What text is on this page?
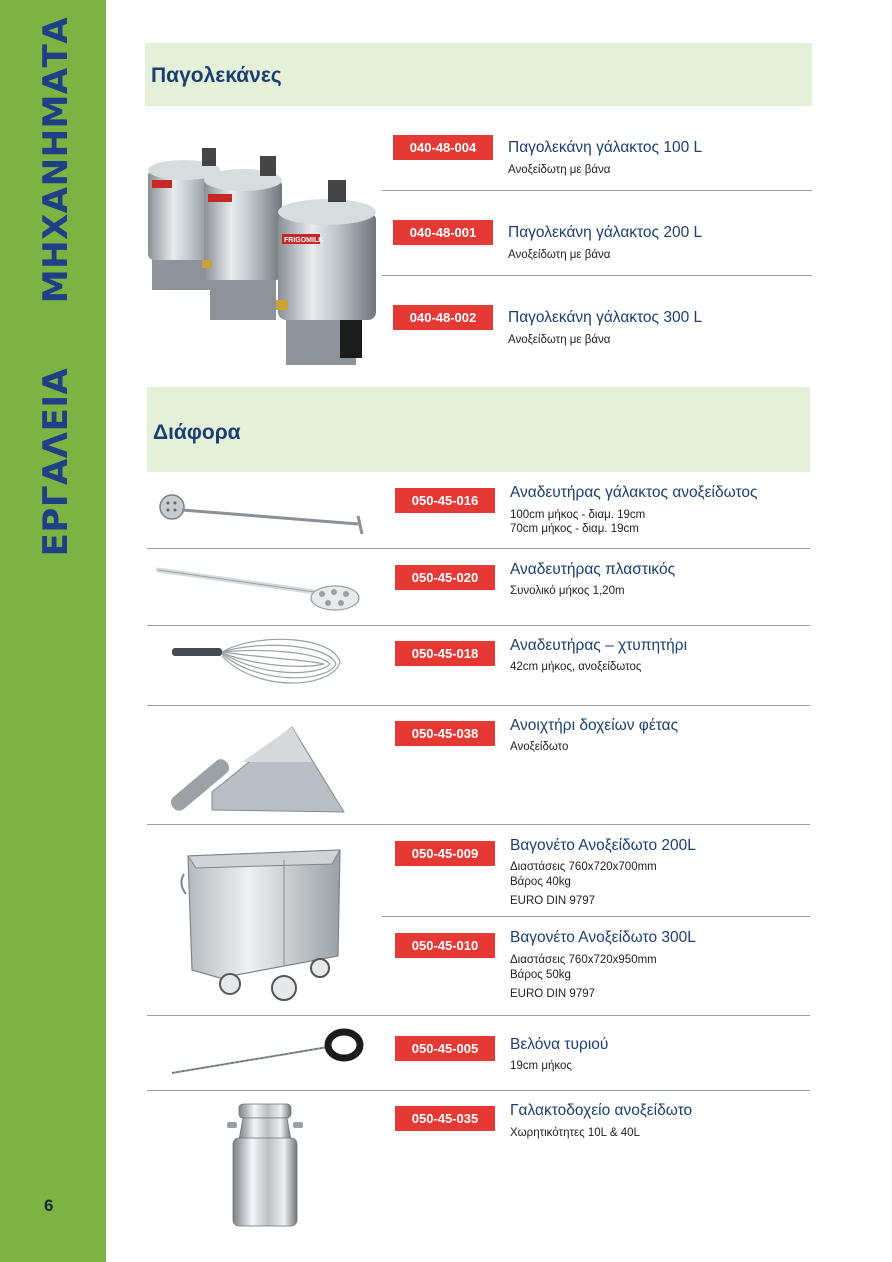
ΜΗΧΑΝΗΜΑΤΑ
ΕΡΓΑΛΕΙΑ
6
Παγολεκάνες
FRIGOMILK
040-48-004	Παγολεκάνη γάλακτος 100 L
Ανοξείδωτη με βάνα
040-48-001	Παγολεκάνη γάλακτος 200 L
Ανοξείδωτη με βάνα
040-48-002	Παγολεκάνη γάλακτος 300 L
Ανοξείδωτη με βάνα
Διάφορα
050-45-016	Αναδευτήρας γάλακτος ανοξείδωτος
100cm μήκος - διαμ. 19cm
70cm μήκος - διαμ. 19cm
050-45-020	Αναδευτήρας πλαστικός
Συνολικό μήκος 1,20m
050-45-018	Αναδευτήρας – χτυπητήρι
42cm μήκος, ανοξείδωτος
050-45-038	Ανοιχτήρι δοχείων φέτας
Ανοξείδωτο
050-45-009	Βαγονέτο Ανοξείδωτο 200L
Διαστάσεις 760x720x700mm
Βάρος 40kg
EURO DIN 9797
050-45-010	Βαγονέτο Ανοξείδωτο 300L
Διαστάσεις 760x720x950mm
Βάρος 50kg
EURO DIN 9797
050-45-005	Βελόνα τυριού
19cm μήκος
050-45-035	Γαλακτοδοχείο ανοξείδωτο
Χωρητικότητες 10L & 40L
